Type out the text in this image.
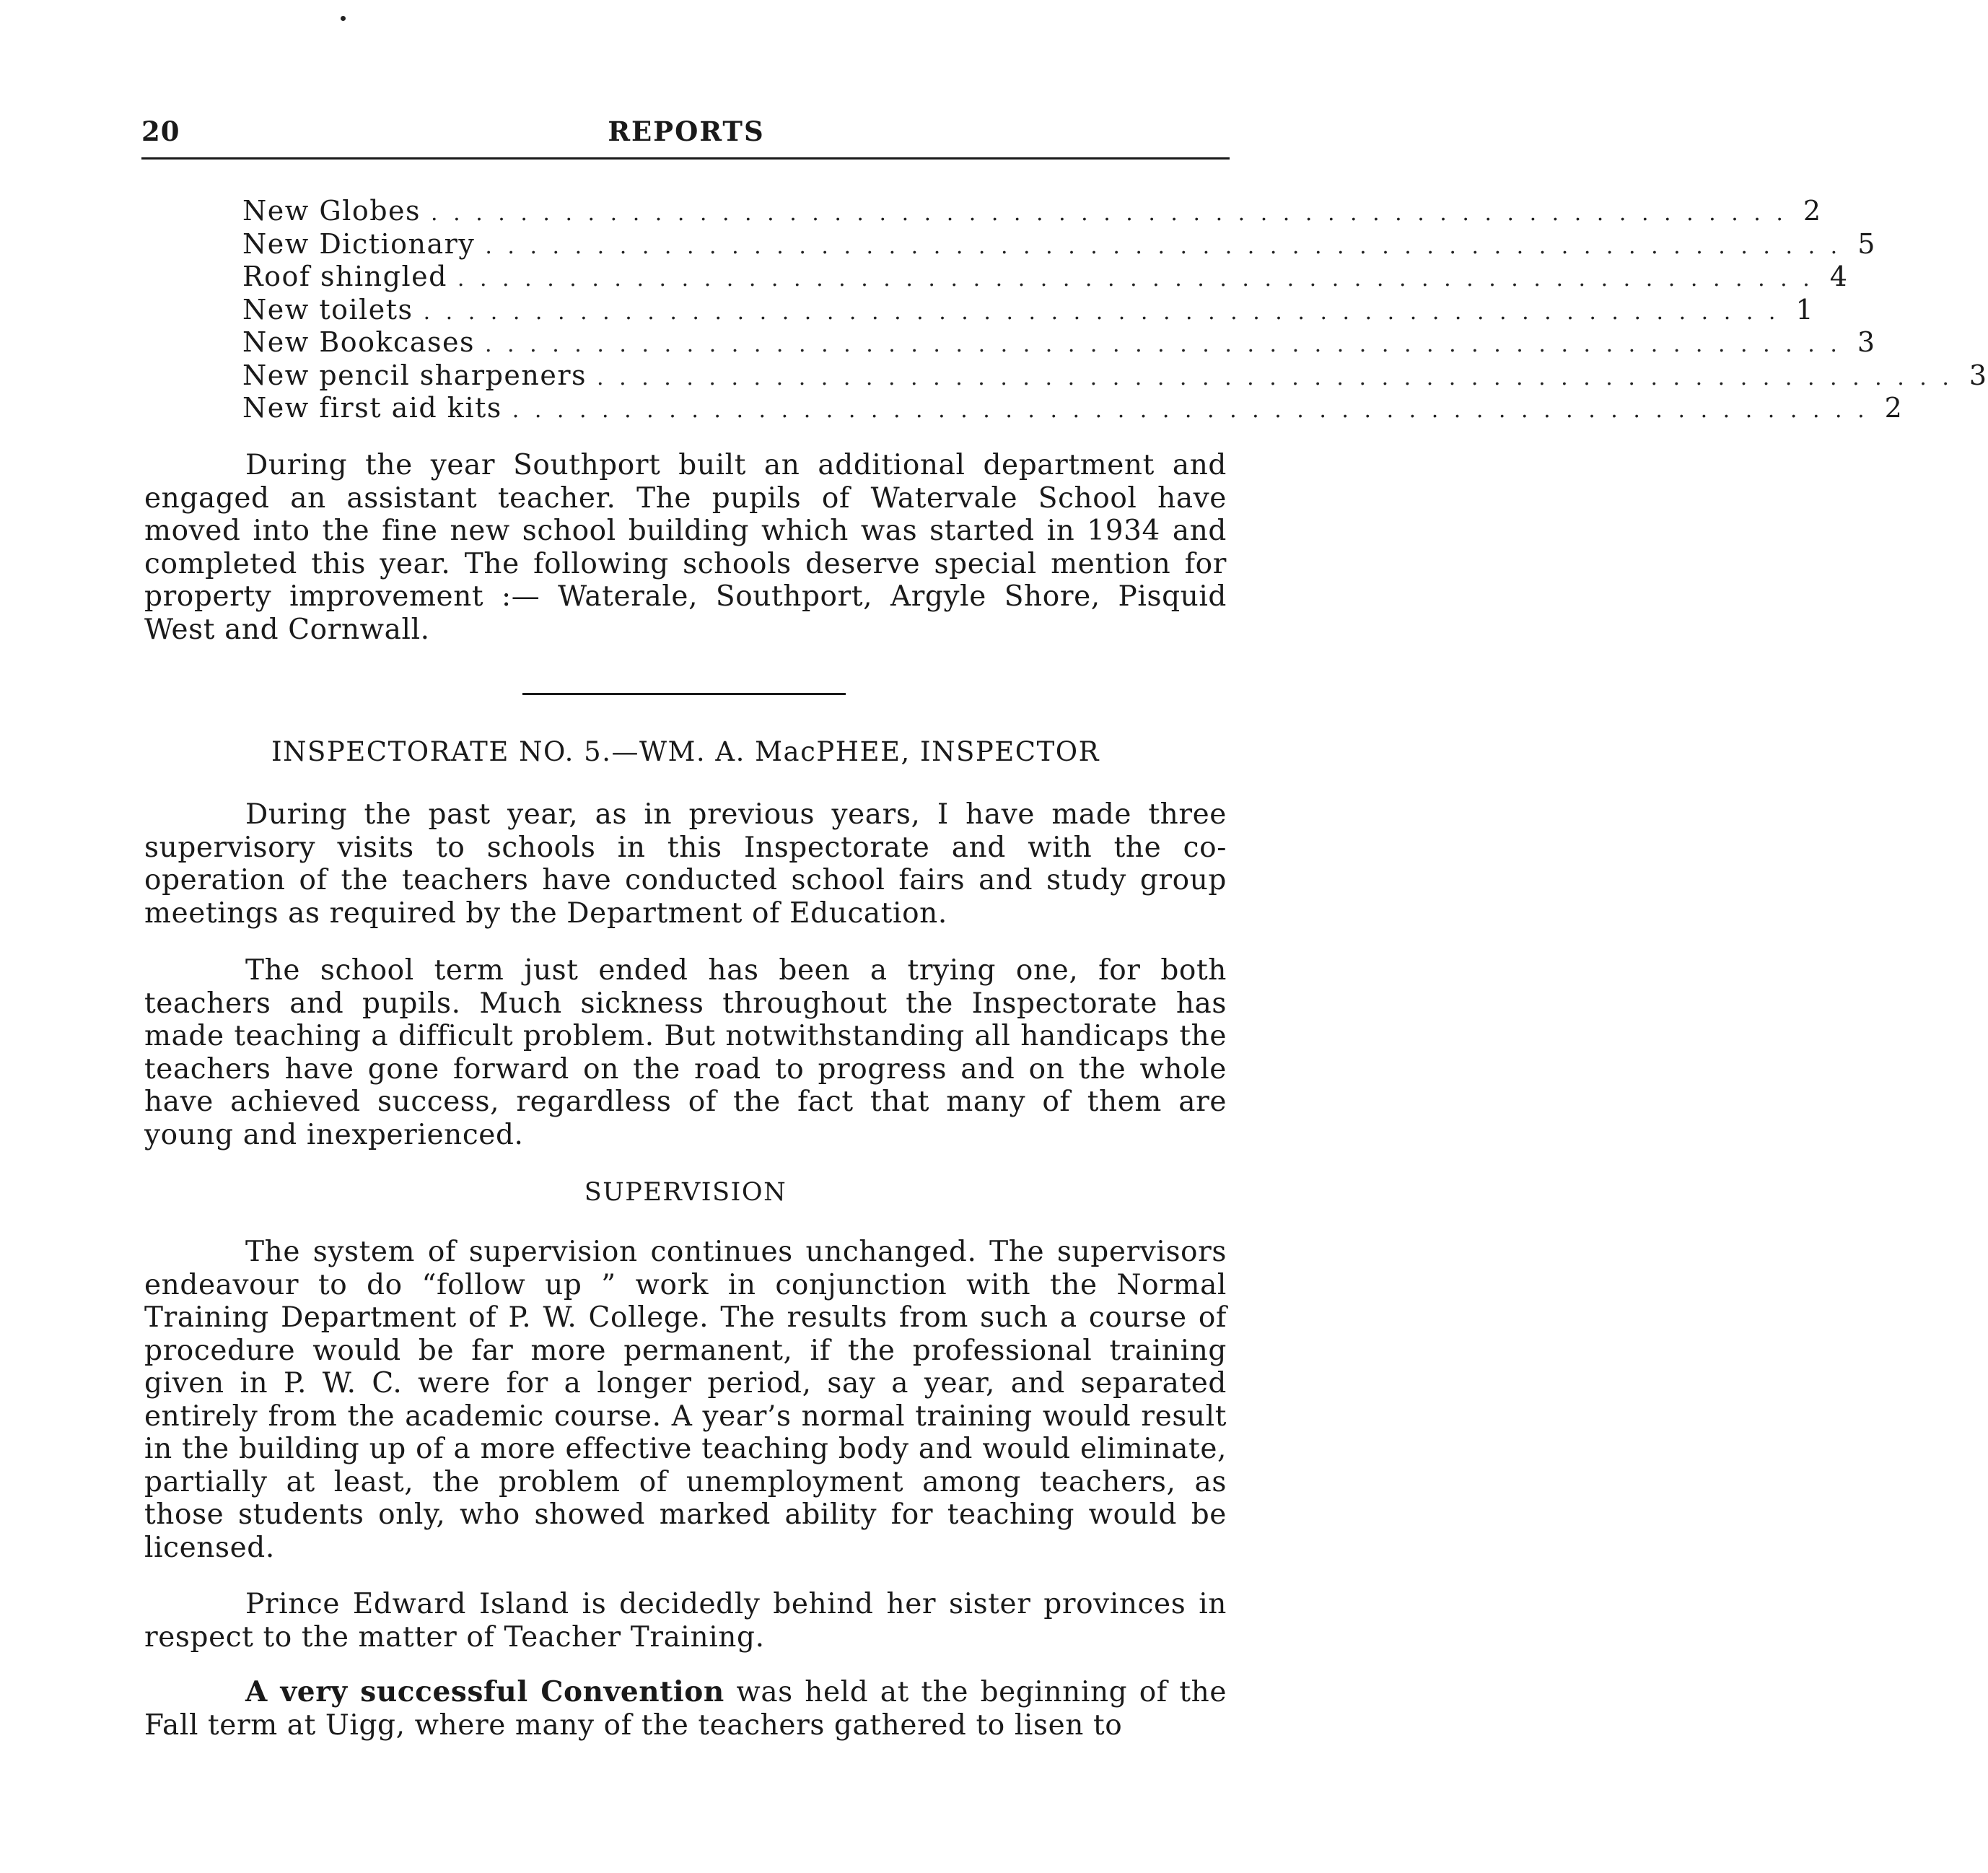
20	REPORTS
New Globes . . . . . . . . . . . . . . . . . . . . . . . . . . . . . . . . . . . . . . . . . . . . . . . . . . . . . . . . . . . . . 2
New Dictionary . . . . . . . . . . . . . . . . . . . . . . . . . . . . . . . . . . . . . . . . . . . . . . . . . . . . . . . . . . . . . 5
Roof shingled . . . . . . . . . . . . . . . . . . . . . . . . . . . . . . . . . . . . . . . . . . . . . . . . . . . . . . . . . . . . . 4
New toilets . . . . . . . . . . . . . . . . . . . . . . . . . . . . . . . . . . . . . . . . . . . . . . . . . . . . . . . . . . . . . 1
New Bookcases . . . . . . . . . . . . . . . . . . . . . . . . . . . . . . . . . . . . . . . . . . . . . . . . . . . . . . . . . . . . . 3
New pencil sharpeners . . . . . . . . . . . . . . . . . . . . . . . . . . . . . . . . . . . . . . . . . . . . . . . . . . . . . . . . . . . . . 3
New first aid kits . . . . . . . . . . . . . . . . . . . . . . . . . . . . . . . . . . . . . . . . . . . . . . . . . . . . . . . . . . . . . 2

During the year Southport built an additional department and engaged an assistant teacher. The pupils of Watervale School have moved into the fine new school building which was started in 1934 and completed this year. The following schools deserve special mention for property improvement :— Waterale, Southport, Argyle Shore, Pisquid West and Cornwall.

INSPECTORATE NO. 5.—WM. A. MacPHEE, INSPECTOR

During the past year, as in previous years, I have made three supervisory visits to schools in this Inspectorate and with the co-operation of the teachers have conducted school fairs and study group meetings as required by the Department of Education.

The school term just ended has been a trying one, for both teachers and pupils. Much sickness throughout the Inspectorate has made teaching a difficult problem. But notwithstanding all handicaps the teachers have gone forward on the road to progress and on the whole have achieved success, regardless of the fact that many of them are young and inexperienced.

SUPERVISION

The system of supervision continues unchanged. The supervisors endeavour to do “follow up ” work in conjunction with the Normal Training Department of P. W. College. The results from such a course of procedure would be far more permanent, if the professional training given in P. W. C. were for a longer period, say a year, and separated entirely from the academic course. A year’s normal training would result in the building up of a more effective teaching body and would eliminate, partially at least, the problem of unemployment among teachers, as those students only, who showed marked ability for teaching would be licensed.

Prince Edward Island is decidedly behind her sister provinces in respect to the matter of Teacher Training.

A very successful Convention was held at the beginning of the Fall term at Uigg, where many of the teachers gathered to lisen to
